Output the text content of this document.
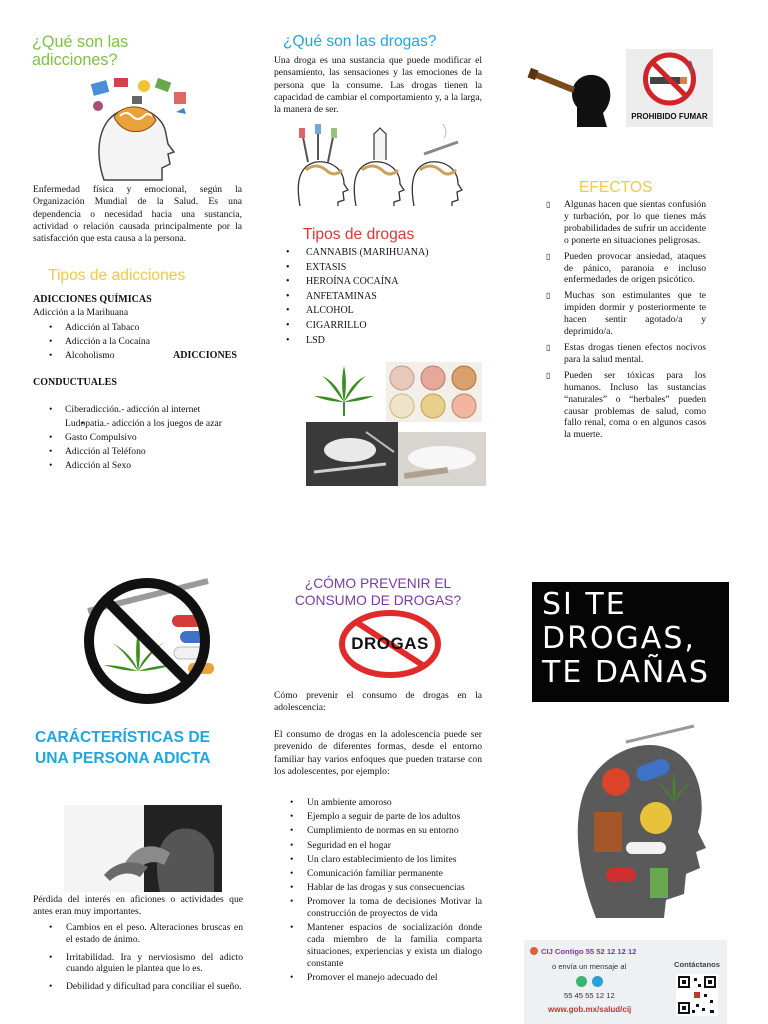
¿Qué son las adicciones?
Enfermedad física y emocional, según la Organización Mundial de la Salud. Es una dependencia o necesidad hacia una sustancia, actividad o relación causada principalmente por la satisfacción que esta causa a la persona.
Tipos de adicciones
ADICCIONES QUÍMICAS
Adicción a la Marihuana
• Adicción al Tabaco
• Adicción a la Cocaína
• Alcoholismo	ADICCIONES
CONDUCTUALES
• Ciberadicción.- adicción al internet
• Ludopatía.- adicción a los juegos de azar
• Gasto Compulsivo
• Adicción al Teléfono
• Adicción al Sexo
¿Qué son las drogas?
Una droga es una sustancia que puede modificar el pensamiento, las sensaciones y las emociones de la persona que la consume. Las drogas tienen la capacidad de cambiar el comportamiento y, a la larga, la manera de ser.
Tipos de drogas
• CANNABIS (MARIHUANA)
• EXTASIS
• HEROÍNA COCAÍNA
• ANFETAMINAS
• ALCOHOL
• CIGARRILLO
• LSD
PROHIBIDO FUMAR
EFECTOS
▯ Algunas hacen que sientas confusión y turbación, por lo que tienes más probabilidades de sufrir un accidente o ponerte en situaciones peligrosas.
▯ Pueden provocar ansiedad, ataques de pánico, paranoia e incluso enfermedades de origen psicótico.
▯ Muchas son estimulantes que te impiden dormir y posteriormente te hacen sentir agotado/a y deprimido/a.
▯ Estas drogas tienen efectos nocivos para la salud mental.
▯ Pueden ser tóxicas para los humanos. Incluso las sustancias “naturales” o “herbales” pueden causar problemas de salud, como fallo renal, coma o en algunos casos la muerte.
CARÁCTERÍSTICAS DE UNA PERSONA ADICTA
Pérdida del interés en aficiones o actividades que antes eran muy importantes.
• Cambios en el peso. Alteraciones bruscas en el estado de ánimo.
• Irritabilidad. Ira y nerviosismo del adicto cuando alguien le plantea que lo es.
• Debilidad y dificultad para conciliar el sueño.
¿CÓMO PREVENIR EL CONSUMO DE DROGAS?
DROGAS
Cómo prevenir el consumo de drogas en la adolescencia:
El consumo de drogas en la adolescencia puede ser prevenido de diferentes formas, desde el entorno familiar hay varios enfoques que pueden tratarse con los adolescentes, por ejemplo:
• Un ambiente amoroso
• Ejemplo a seguir de parte de los adultos
• Cumplimiento de normas en su entorno
• Seguridad en el hogar
• Un claro establecimiento de los limites
• Comunicación familiar permanente
• Hablar de las drogas y sus consecuencias
• Promover la toma de decisiones Motivar la construcción de proyectos de vida
• Mantener espacios de socialización donde cada miembro de la familia comparta situaciones, experiencias y exista un dialogo constante
• Promover el manejo adecuado del
SI TE
DROGAS,
TE DAÑAS
CIJ Contigo 55 52 12 12 12
Contáctanos
o envía un mensaje al
55 45 55 12 12
www.gob.mx/salud/cij
